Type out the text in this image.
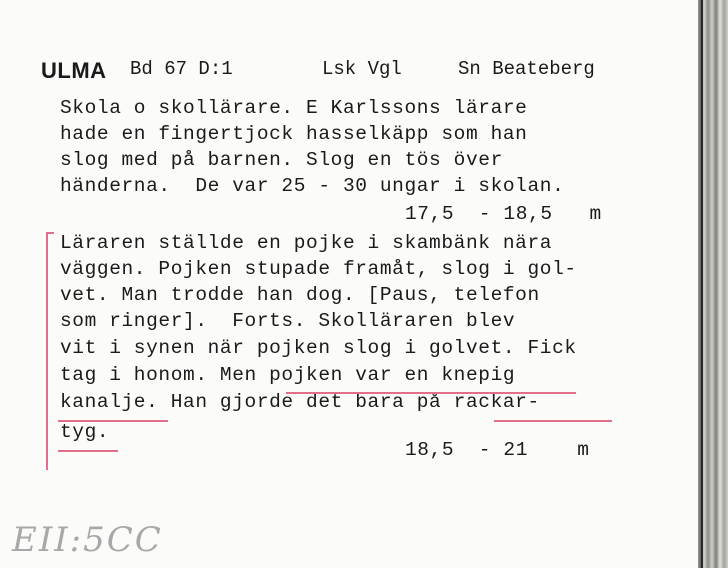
ULMA Bd 67 D:1	Lsk Vgl	Sn Beateberg
Skola o skollärare. E Karlssons lärare
hade en fingertjock hasselkäpp som han
slog med på barnen. Slog en tös över
händerna.  De var 25 - 30 ungar i skolan.
17,5  - 18,5   m
Läraren ställde en pojke i skambänk nära
väggen. Pojken stupade framåt, slog i gol-
vet. Man trodde han dog. [Paus, telefon
som ringer].  Forts. Skolläraren blev
vit i synen när pojken slog i golvet. Fick
tag i honom. Men pojken var en knepig
kanalje. Han gjorde det bara på rackar-
tyg.
18,5  - 21    m
EII:5CC
